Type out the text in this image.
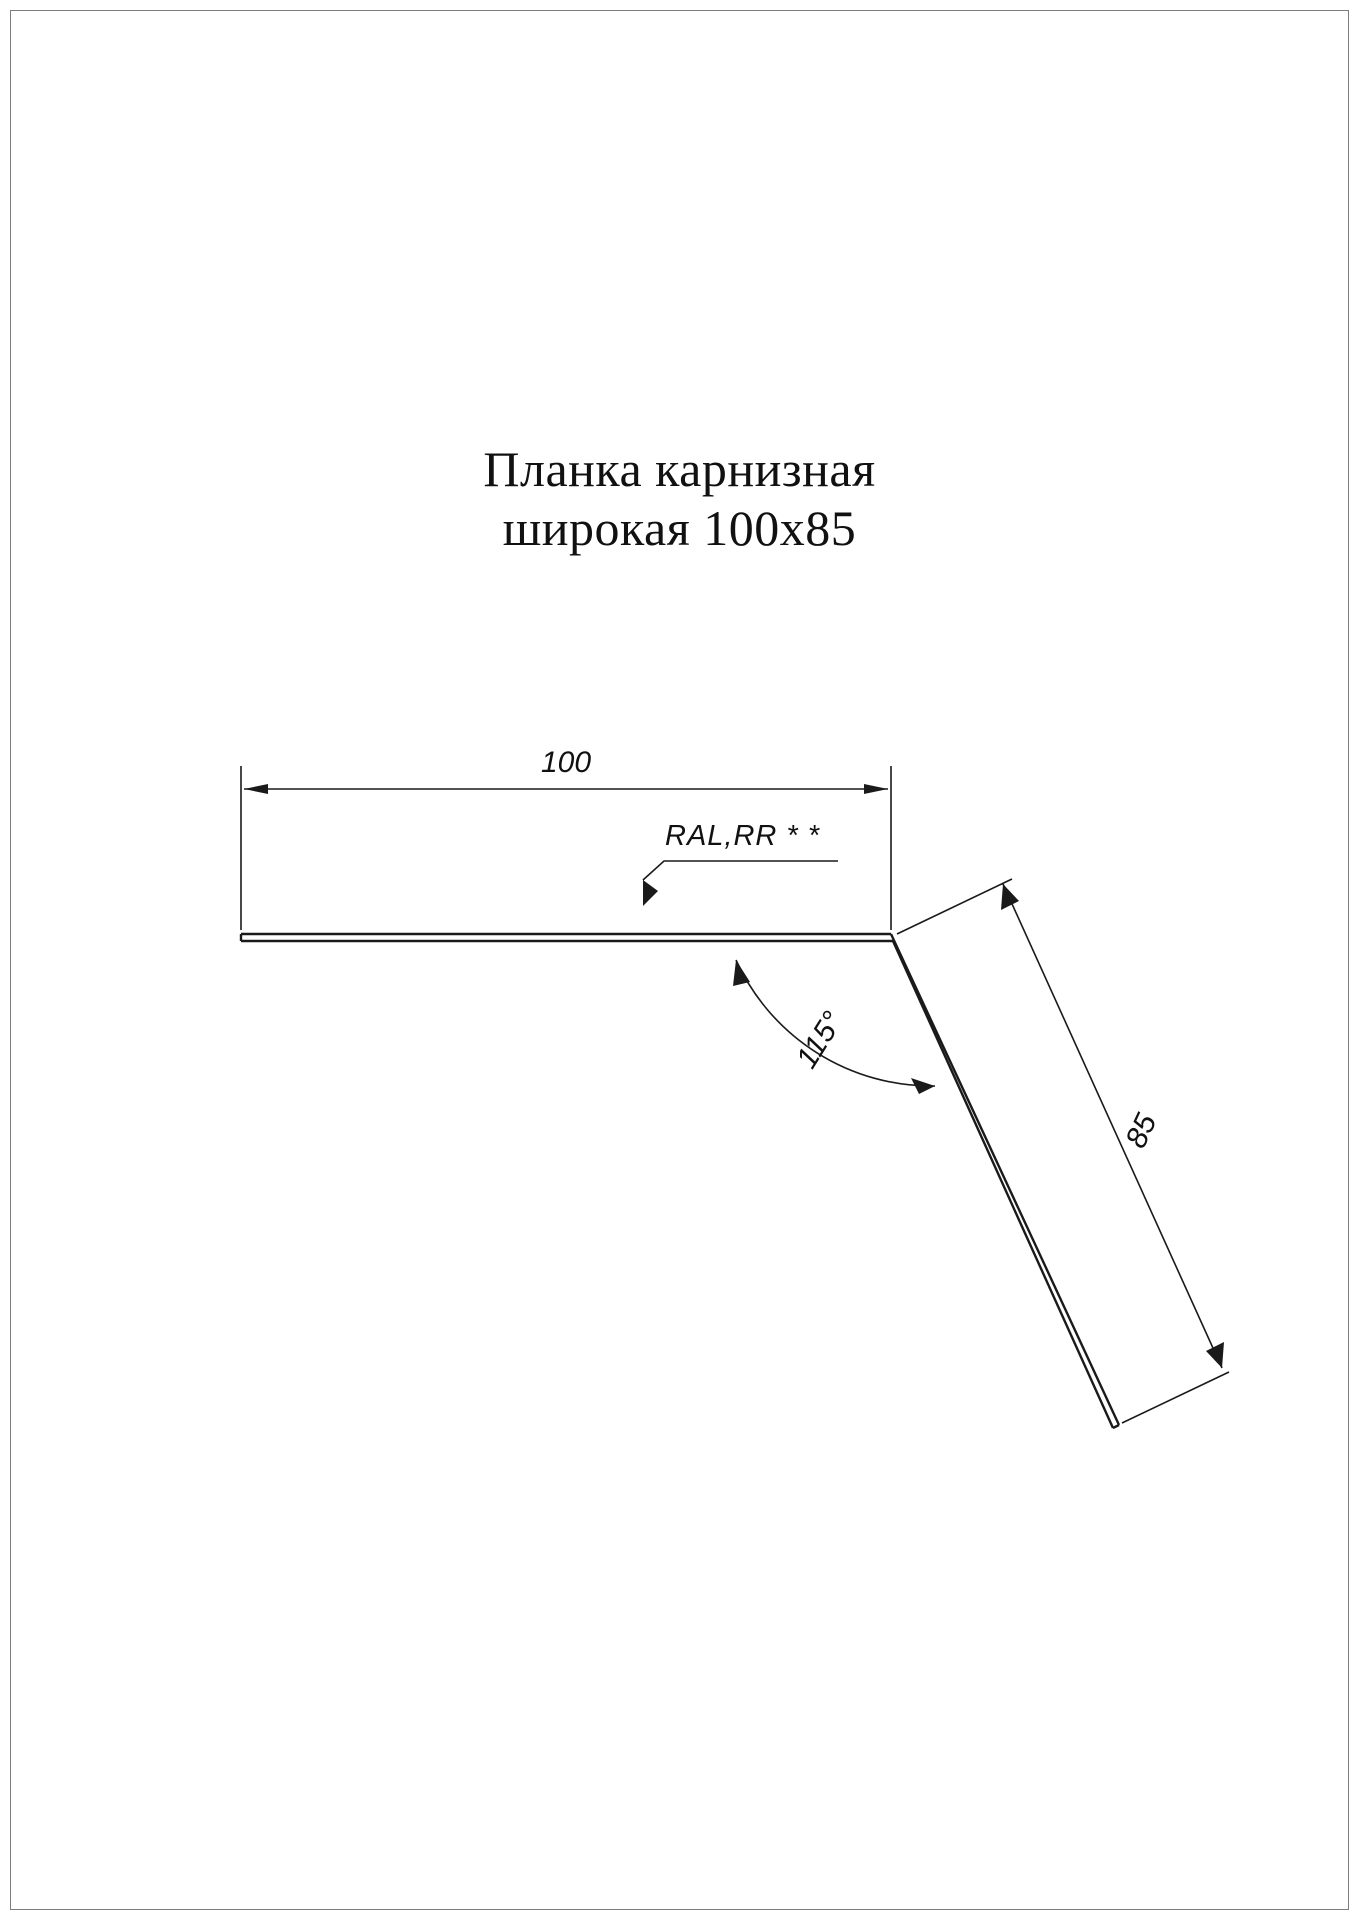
Планка карнизная
широкая 100x85
100
85
115°
RAL,RR * *
